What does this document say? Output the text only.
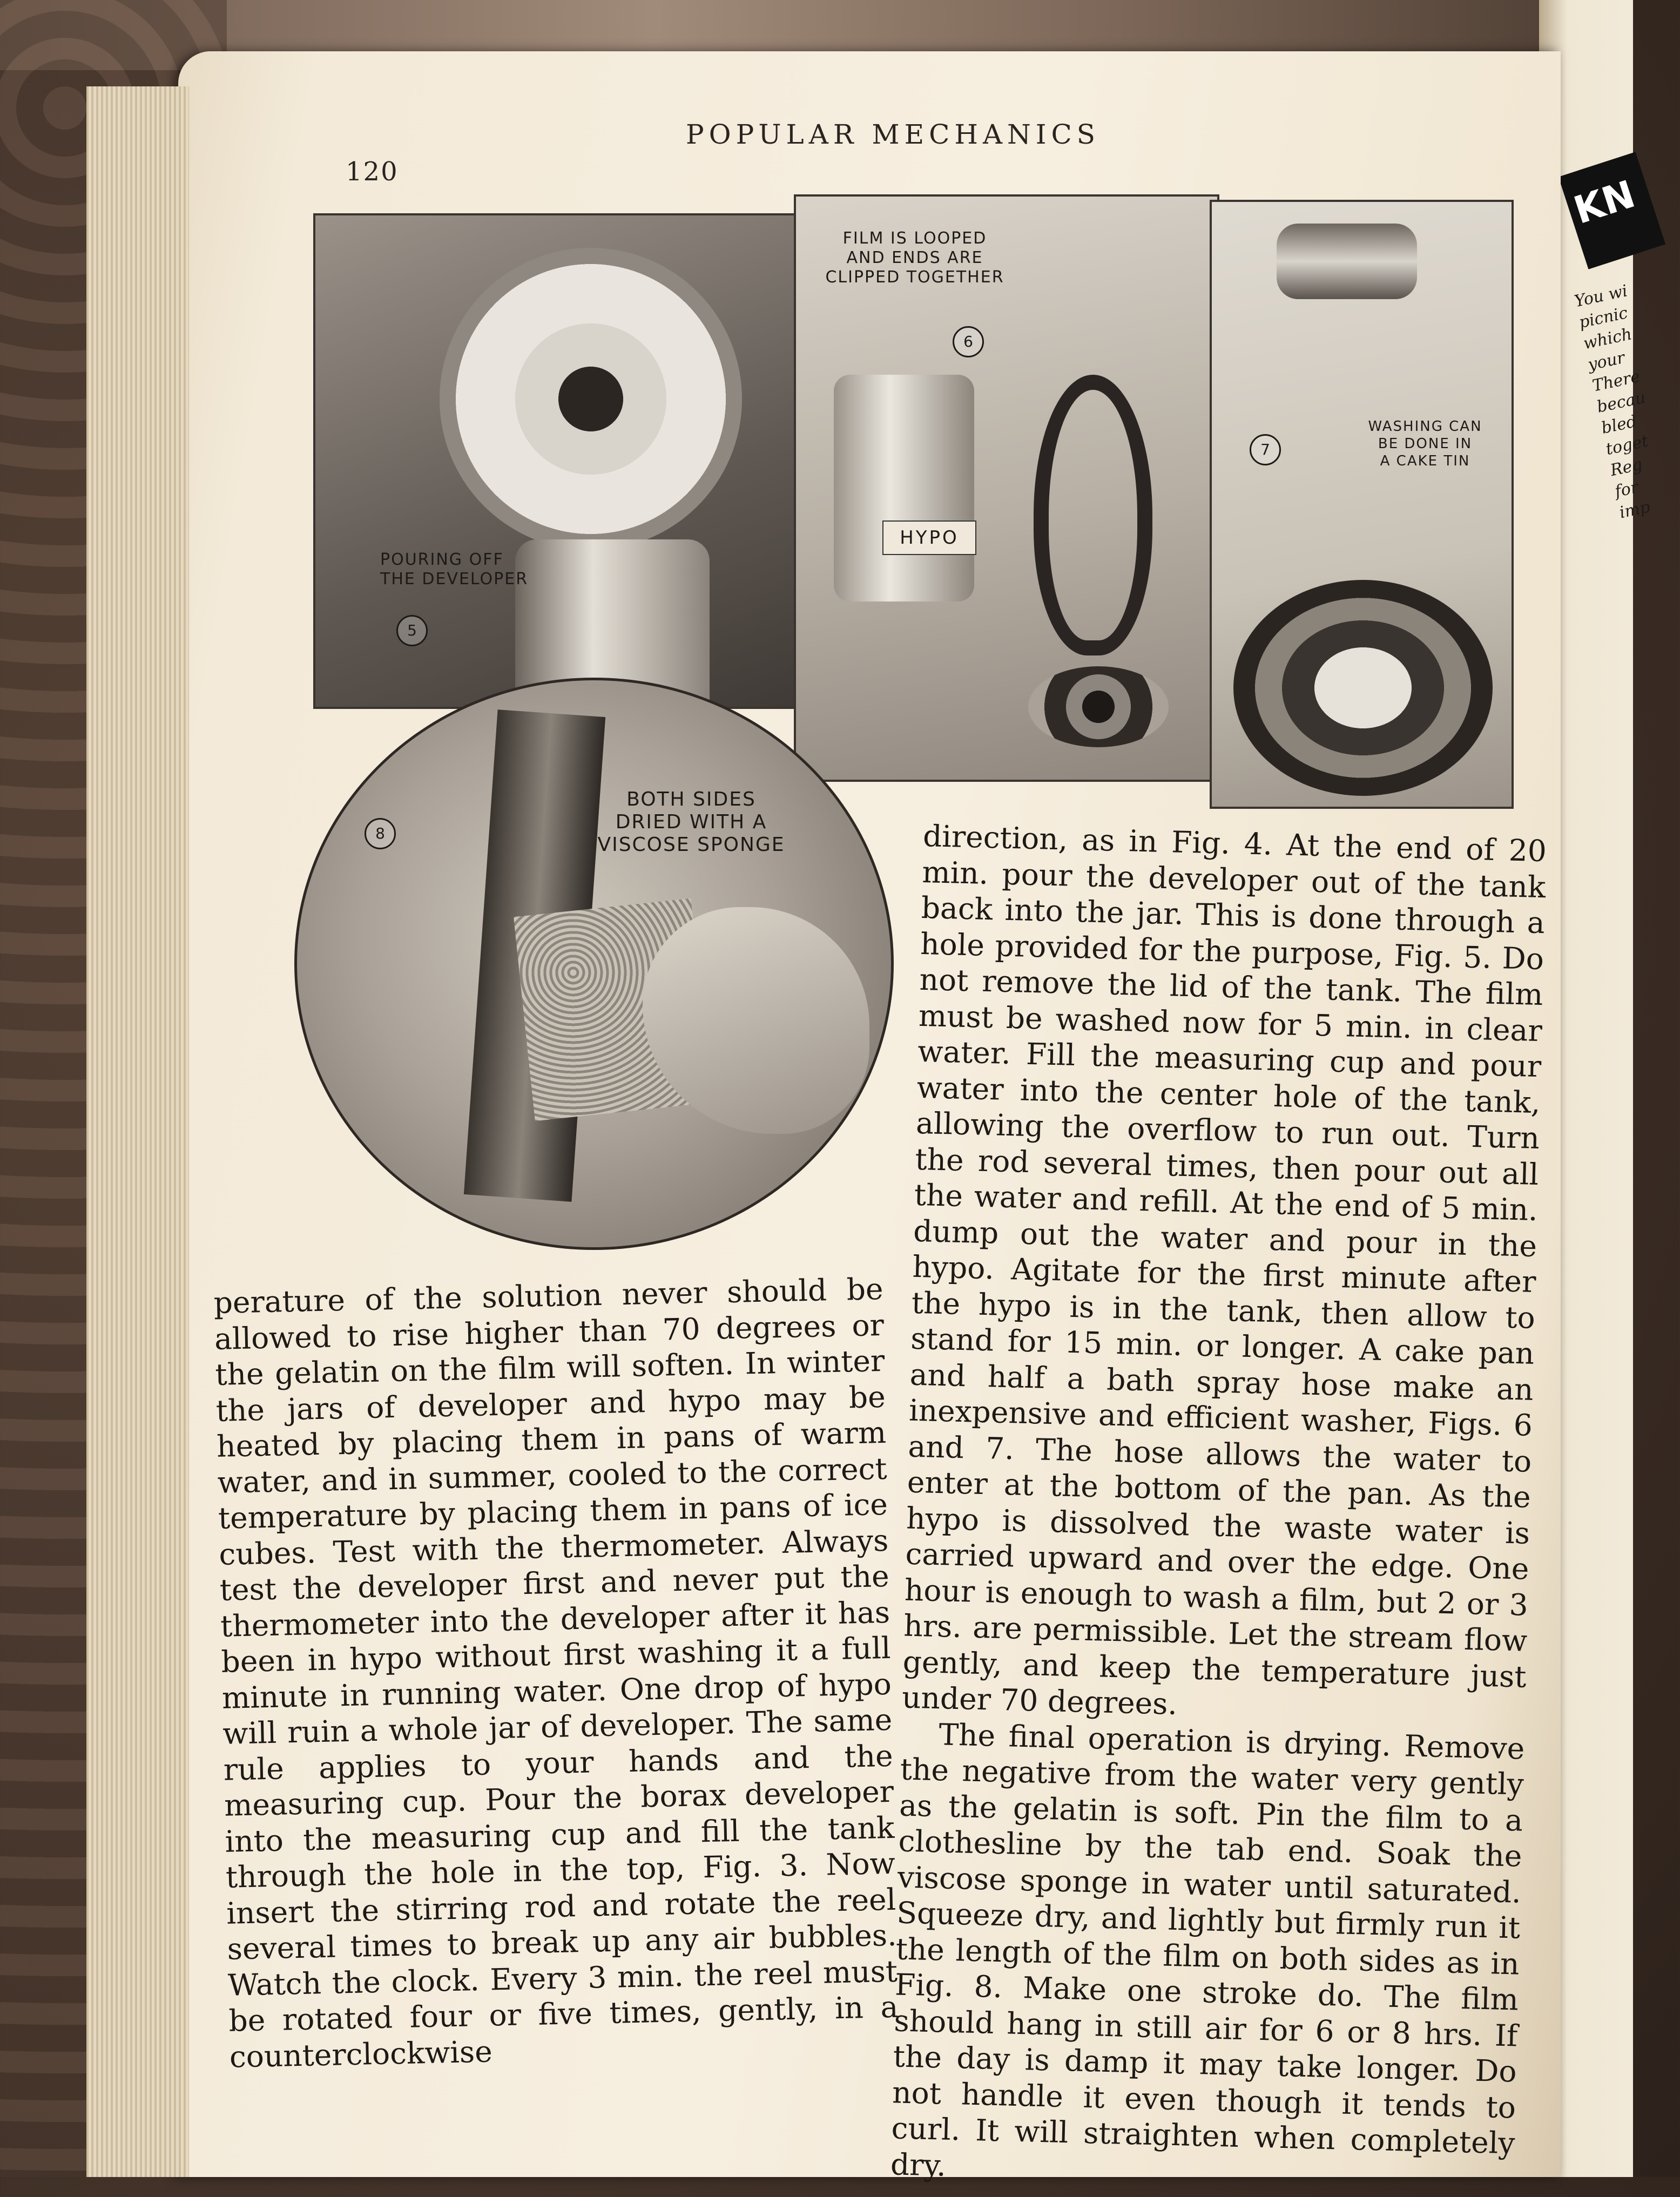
KN
You wi
picnic
which
your
There
becau
bled
toget
Reg
for
imp
120
POPULAR MECHANICS
POURING OFF
THE DEVELOPER
5
FILM IS LOOPED
AND ENDS ARE
CLIPPED TOGETHER
6
HYPO
WASHING CAN
BE DONE IN
A CAKE TIN
7
BOTH SIDES
DRIED WITH A
VISCOSE SPONGE
8	direction, as in Fig. 4. At the end of 20 min. pour the developer out of the tank back into the jar. This is done through a hole provided for the purpose, Fig. 5. Do not remove the lid of the tank. The film must be washed now for 5 min. in clear water. Fill the measuring cup and pour water into the center hole of the tank, allowing the overflow to run out. Turn the rod several times, then pour out all the water and refill. At the end of 5 min. dump out the water and pour in the hypo. Agitate for the first minute after the hypo is in the tank, then allow to stand for 15 min. or longer. A cake pan and half a bath spray hose make an inexpensive and efficient washer, Figs. 6 and 7. The hose allows the water to enter at the bottom of the pan. As the hypo is dissolved the waste water is carried upward and over the edge. One hour is enough to wash a film, but 2 or 3 hrs. are permissible. Let the stream flow gently, and keep the temperature just under 70 degrees.

The final operation is drying. Remove the negative from the water very gently as the gelatin is soft. Pin the film to a clothesline by the tab end. Soak the viscose sponge in water until saturated. Squeeze dry, and lightly but firmly run it the length of the film on both sides as in Fig. 8. Make one stroke do. The film should hang in still air for 6 or 8 hrs. If the day is damp it may take longer. Do not handle it even though it tends to curl. It will straighten when completely dry.

perature of the solution never should be allowed to rise higher than 70 degrees or the gelatin on the film will soften. In winter the jars of developer and hypo may be heated by placing them in pans of warm water, and in summer, cooled to the correct temperature by placing them in pans of ice cubes. Test with the thermometer. Always test the developer first and never put the thermometer into the developer after it has been in hypo without first washing it a full minute in running water. One drop of hypo will ruin a whole jar of developer. The same rule applies to your hands and the measuring cup. Pour the borax developer into the measuring cup and fill the tank through the hole in the top, Fig. 3. Now insert the stirring rod and rotate the reel several times to break up any air bubbles. Watch the clock. Every 3 min. the reel must be rotated four or five times, gently, in a counterclockwise
